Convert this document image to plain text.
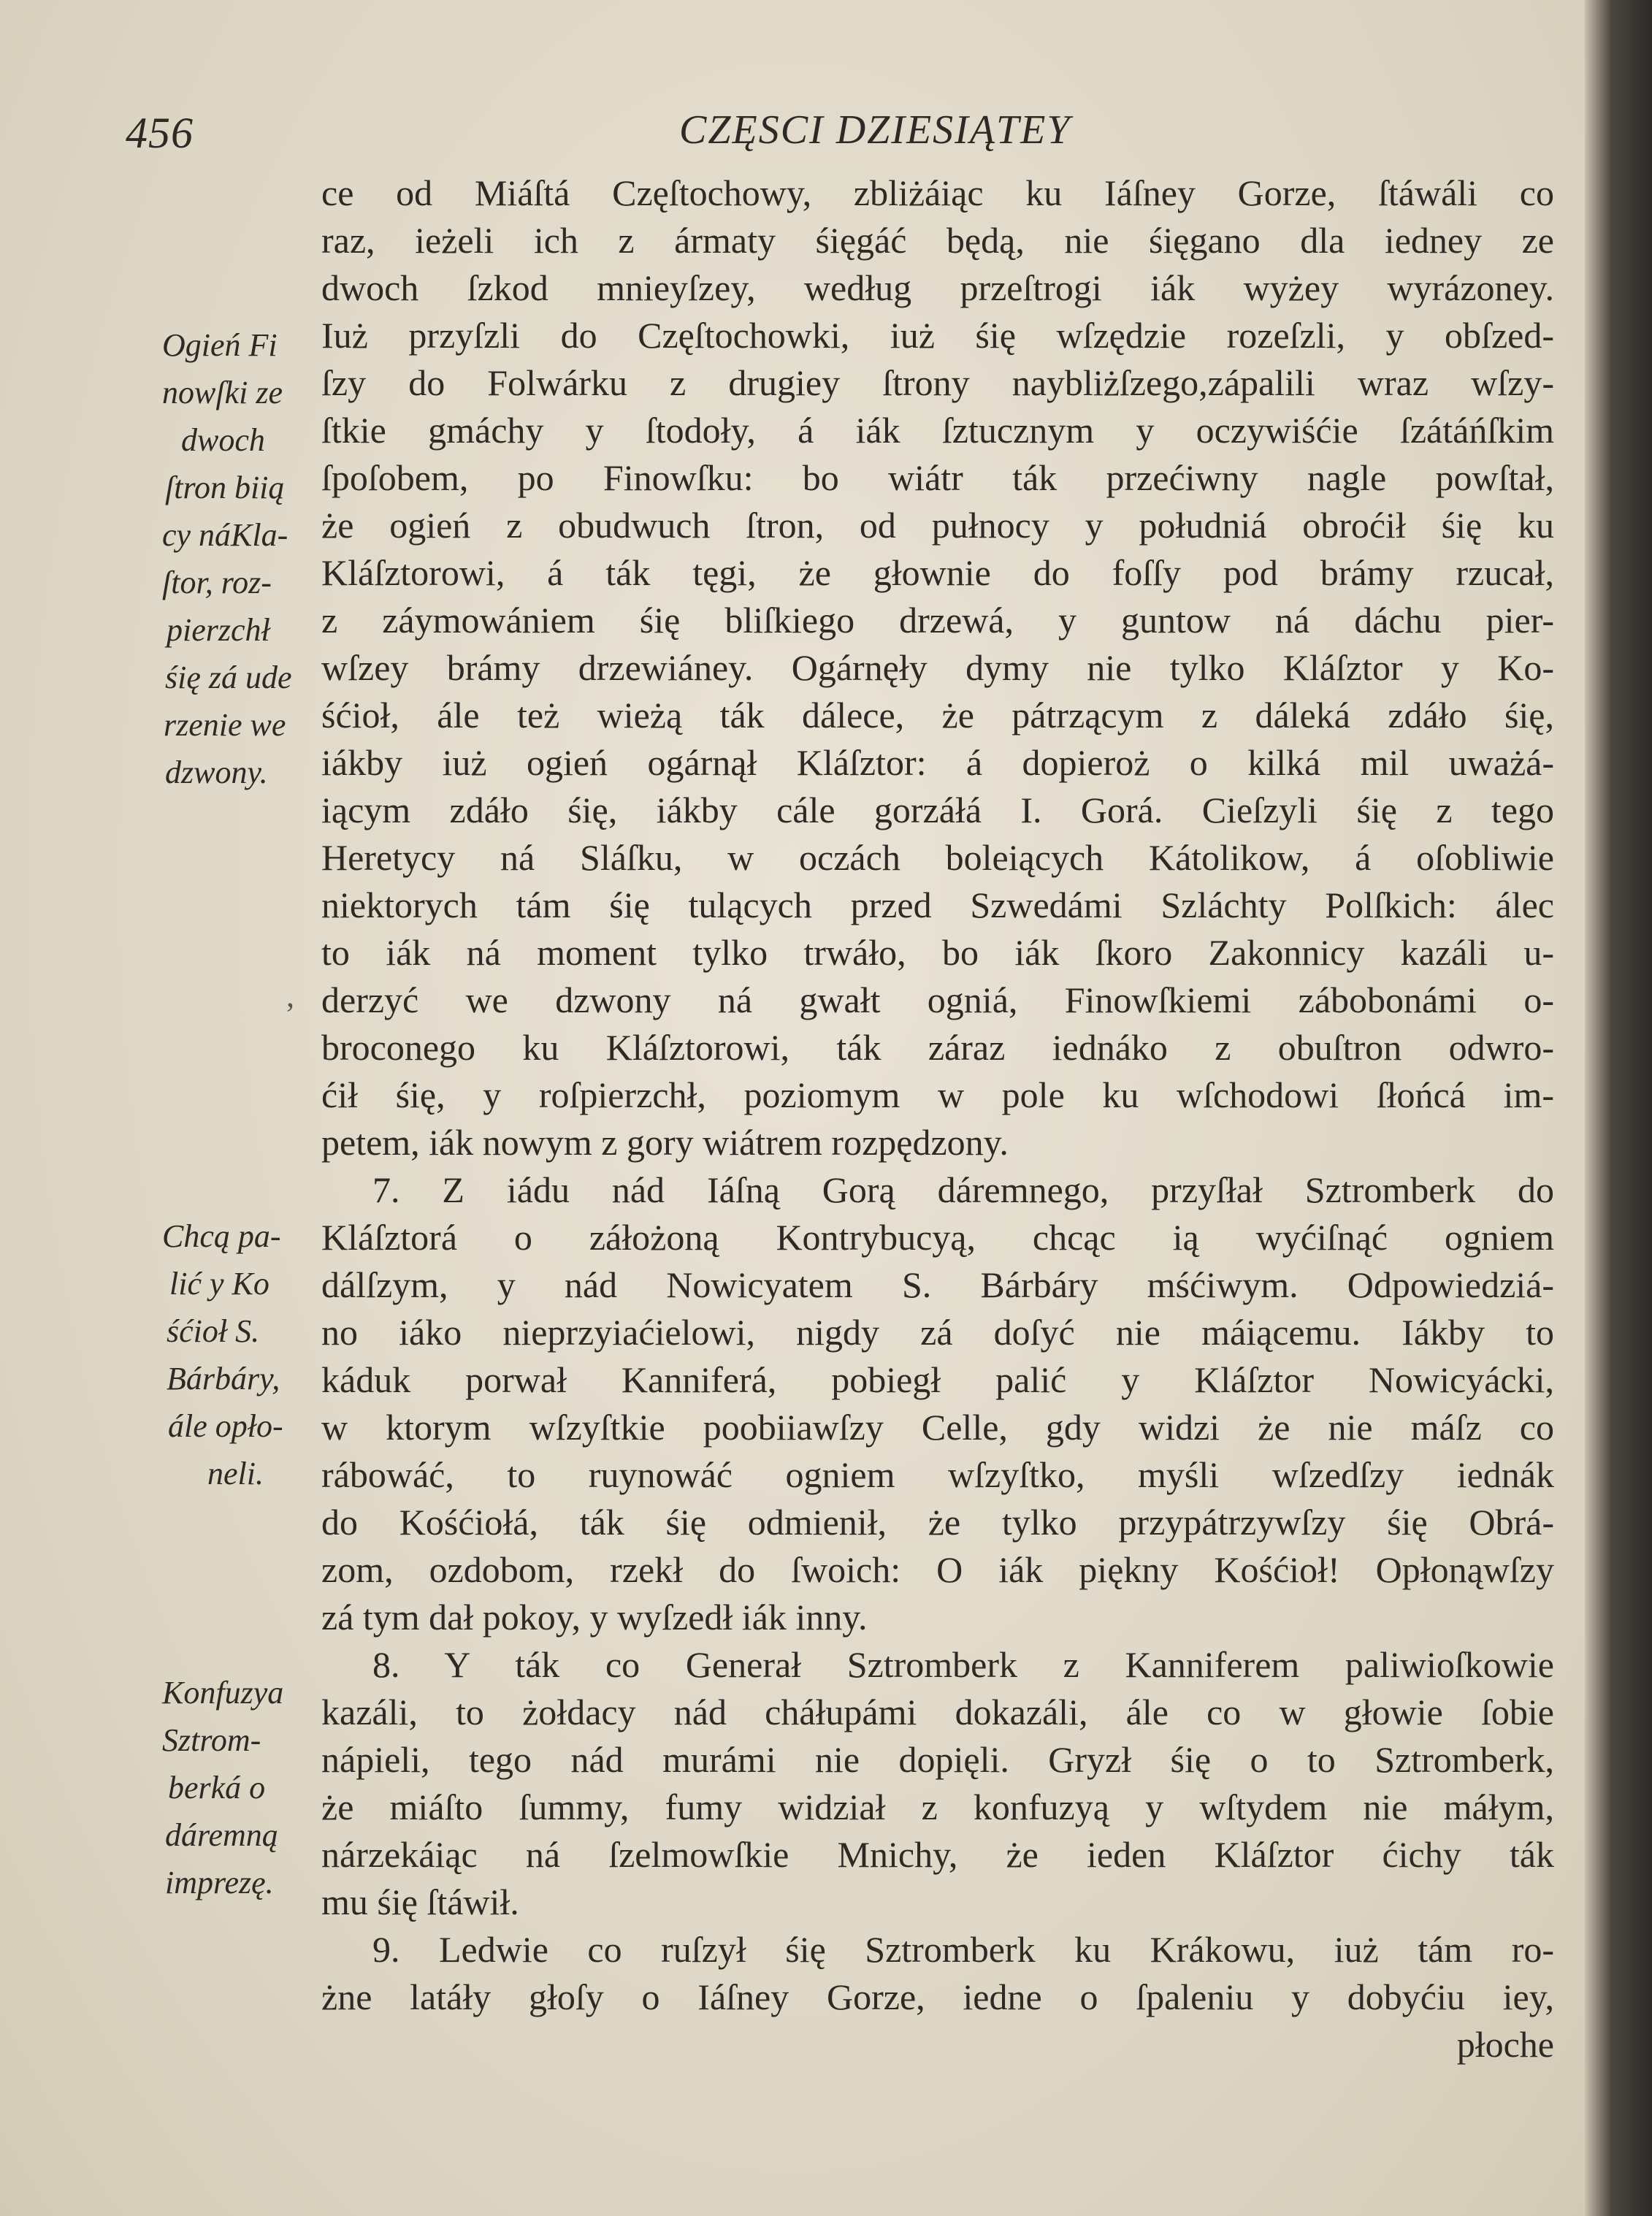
456	CZĘSCI DZIESIĄTEY
Ogień Fi
nowſki ze
dwoch
ſtron biią
cy náKla-
ſtor, roz-
pierzchł
śię zá ude
rzenie we
dzwony.
Chcą pa-
lić y Ko
śćioł S.
Bárbáry,
ále opło-
neli.
Konfuzya
Sztrom-
berká o
dáremną
imprezę.
,
ce od Miáſtá Częſtochowy, zbliżáiąc ku Iáſney Gorze, ſtáwáli co
raz, ieżeli ich z ármaty śięgáć będą, nie śięgano dla iedney ze
dwoch ſzkod mnieyſzey, według przeſtrogi iák wyżey wyrázoney.
Iuż przyſzli do Częſtochowki, iuż śię wſzędzie rozeſzli, y obſzed-
ſzy do Folwárku z drugiey ſtrony naybliżſzego,zápalili wraz wſzy-
ſtkie gmáchy y ſtodoły, á iák ſztucznym y oczywiśćie ſzátáńſkim
ſpoſobem, po Finowſku: bo wiátr ták przećiwny nagle powſtał,
że ogień z obudwuch ſtron, od pułnocy y południá obroćił śię ku
Kláſztorowi, á ták tęgi, że głownie do foſſy pod brámy rzucał,
z záymowániem śię bliſkiego drzewá, y guntow ná dáchu pier-
wſzey brámy drzewiáney. Ogárnęły dymy nie tylko Kláſztor y Ko-
śćioł, ále też wieżą ták dálece, że pátrzącym z dáleká zdáło śię,
iákby iuż ogień ogárnął Kláſztor: á dopieroż o kilká mil uważá-
iącym zdáło śię, iákby cále gorzáłá I. Gorá. Cieſzyli śię z tego
Heretycy ná Sláſku, w oczách boleiących Kátolikow, á oſobliwie
niektorych tám śię tulących przed Szwedámi Szláchty Polſkich: álec
to iák ná moment tylko trwáło, bo iák ſkoro Zakonnicy kazáli u-
derzyć we dzwony ná gwałt ogniá, Finowſkiemi zábobonámi o-
broconego ku Kláſztorowi, ták záraz iednáko z obuſtron odwro-
ćił śię, y roſpierzchł, poziomym w pole ku wſchodowi ſłońcá im-
petem, iák nowym z gory wiátrem rozpędzony.
7. Z iádu nád Iáſną Gorą dáremnego, przyſłał Sztromberk do
Kláſztorá o záłożoną Kontrybucyą, chcąc ią wyćiſnąć ogniem
dálſzym, y nád Nowicyatem S. Bárbáry mśćiwym. Odpowiedziá-
no iáko nieprzyiaćielowi, nigdy zá doſyć nie máiącemu. Iákby to
káduk porwał Kanniferá, pobiegł palić y Kláſztor Nowicyácki,
w ktorym wſzyſtkie poobiiawſzy Celle, gdy widzi że nie máſz co
rábowáć, to ruynowáć ogniem wſzyſtko, myśli wſzedſzy iednák
do Kośćiołá, ták śię odmienił, że tylko przypátrzywſzy śię Obrá-
zom, ozdobom, rzekł do ſwoich: O iák piękny Kośćioł! Opłonąwſzy
zá tym dał pokoy, y wyſzedł iák inny.
8. Y ták co Generał Sztromberk z Kanniferem paliwioſkowie
kazáli, to żołdacy nád cháłupámi dokazáli, ále co w głowie ſobie
nápieli, tego nád murámi nie dopięli. Gryzł śię o to Sztromberk,
że miáſto ſummy, fumy widział z konfuzyą y wſtydem nie máłym,
nárzekáiąc ná ſzelmowſkie Mnichy, że ieden Kláſztor ćichy ták
mu śię ſtáwił.
9. Ledwie co ruſzył śię Sztromberk ku Krákowu, iuż tám ro-
żne latáły głoſy o Iáſney Gorze, iedne o ſpaleniu y dobyćiu iey,
płoche
